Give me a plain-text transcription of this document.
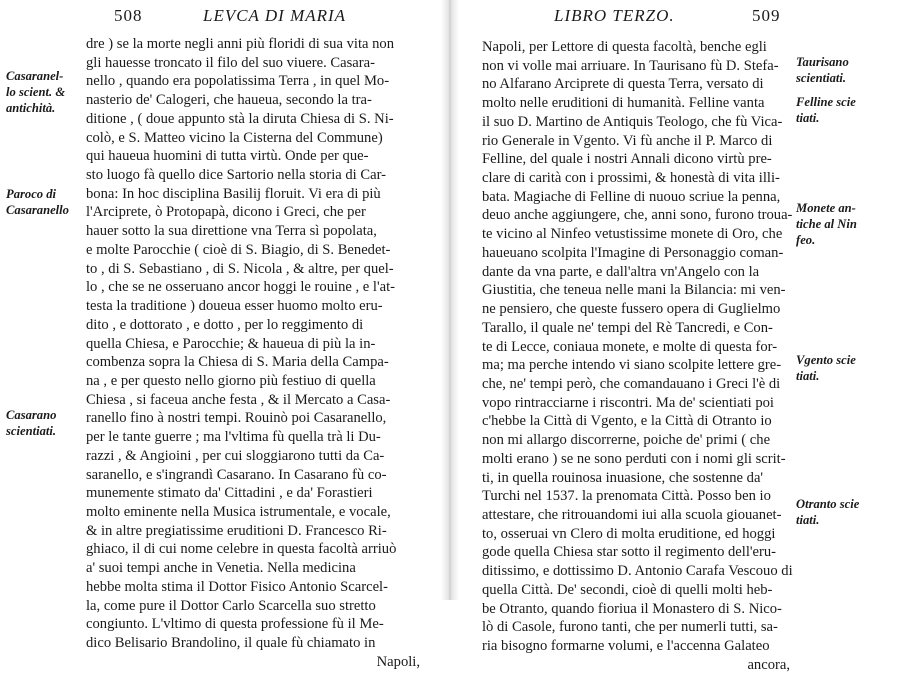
508	LEVCA DI MARIA
dre ) se la morte negli anni più floridi di sua vita non
gli hauesse troncato il filo del suo viuere. Casara-
nello , quando era popolatissima Terra , in quel Mo-
nasterio de' Calogeri, che haueua, secondo la tra-
ditione , ( doue appunto stà la diruta Chiesa di S. Ni-
colò, e S. Matteo vicino la Cisterna del Commune)
qui haueua huomini di tutta virtù. Onde per que-
sto luogo fà quello dice Sartorio nella storia di Car-
bona: In hoc disciplina Basilij floruit. Vi era di più
l'Arciprete, ò Protopapà, dicono i Greci, che per
hauer sotto la sua direttione vna Terra sì popolata,
e molte Parocchie ( cioè di S. Biagio, di S. Benedet-
to , di S. Sebastiano , di S. Nicola , & altre, per quel-
lo , che se ne osseruano ancor hoggi le rouine , e l'at-
testa la traditione ) doueua esser huomo molto eru-
dito , e dottorato , e dotto , per lo reggimento di
quella Chiesa, e Parocchie; & haueua di più la in-
combenza sopra la Chiesa di S. Maria della Campa-
na , e per questo nello giorno più festiuo di quella
Chiesa , si faceua anche festa , & il Mercato a Casa-
ranello fino à nostri tempi. Rouinò poi Casaranello,
per le tante guerre ; ma l'vltima fù quella trà li Du-
razzi , & Angioini , per cui sloggiarono tutti da Ca-
saranello, e s'ingrandì Casarano. In Casarano fù co-
munemente stimato da' Cittadini , e da' Forastieri
molto eminente nella Musica istrumentale, e vocale,
& in altre pregiatissime eruditioni D. Francesco Ri-
ghiaco, il di cui nome celebre in questa facoltà arriuò
a' suoi tempi anche in Venetia. Nella medicina
hebbe molta stima il Dottor Fisico Antonio Scarcel-
la, come pure il Dottor Carlo Scarcella suo stretto
congiunto. L'vltimo di questa professione fù il Me-
dico Belisario Brandolino, il quale fù chiamato in
Napoli,
Casaranel-
lo scient. &
antichità.
Paroco di
Casaranello
Casarano
scientiati.
LIBRO TERZO.	509
Napoli, per Lettore di questa facoltà, benche egli
non vi volle mai arriuare. In Taurisano fù D. Stefa-
no Alfarano Arciprete di questa Terra, versato di
molto nelle eruditioni di humanità. Felline vanta
il suo D. Martino de Antiquis Teologo, che fù Vica-
rio Generale in Vgento. Vi fù anche il P. Marco di
Felline, del quale i nostri Annali dicono virtù pre-
clare di carità con i prossimi, & honestà di vita illi-
bata. Magiache di Felline di nuouo scriue la penna,
deuo anche aggiungere, che, anni sono, furono troua-
te vicino al Ninfeo vetustissime monete di Oro, che
haueuano scolpita l'Imagine di Personaggio coman-
dante da vna parte, e dall'altra vn'Angelo con la
Giustitia, che teneua nelle mani la Bilancia: mi ven-
ne pensiero, che queste fussero opera di Guglielmo
Tarallo, il quale ne' tempi del Rè Tancredi, e Con-
te di Lecce, coniaua monete, e molte di questa for-
ma; ma perche intendo vi siano scolpite lettere gre-
che, ne' tempi però, che comandauano i Greci l'è di
vopo rintracciarne i riscontri. Ma de' scientiati poi
c'hebbe la Città di Vgento, e la Città di Otranto io
non mi allargo discorrerne, poiche de' primi ( che
molti erano ) se ne sono perduti con i nomi gli scrit-
ti, in quella rouinosa inuasione, che sostenne da'
Turchi nel 1537. la prenomata Città. Posso ben io
attestare, che ritrouandomi iui alla scuola giouanet-
to, osseruai vn Clero di molta eruditione, ed hoggi
gode quella Chiesa star sotto il regimento dell'eru-
ditissimo, e dottissimo D. Antonio Carafa Vescouo di
quella Città. De' secondi, cioè di quelli molti heb-
be Otranto, quando fioriua il Monastero di S. Nico-
lò di Casole, furono tanti, che per numerli tutti, sa-
ria bisogno formarne volumi, e l'accenna Galateo
ancora,
Taurisano
scientiati.
Felline scie
tiati.
Monete an-
tiche al Nin
feo.
Vgento scie
tiati.
Otranto scie
tiati.
